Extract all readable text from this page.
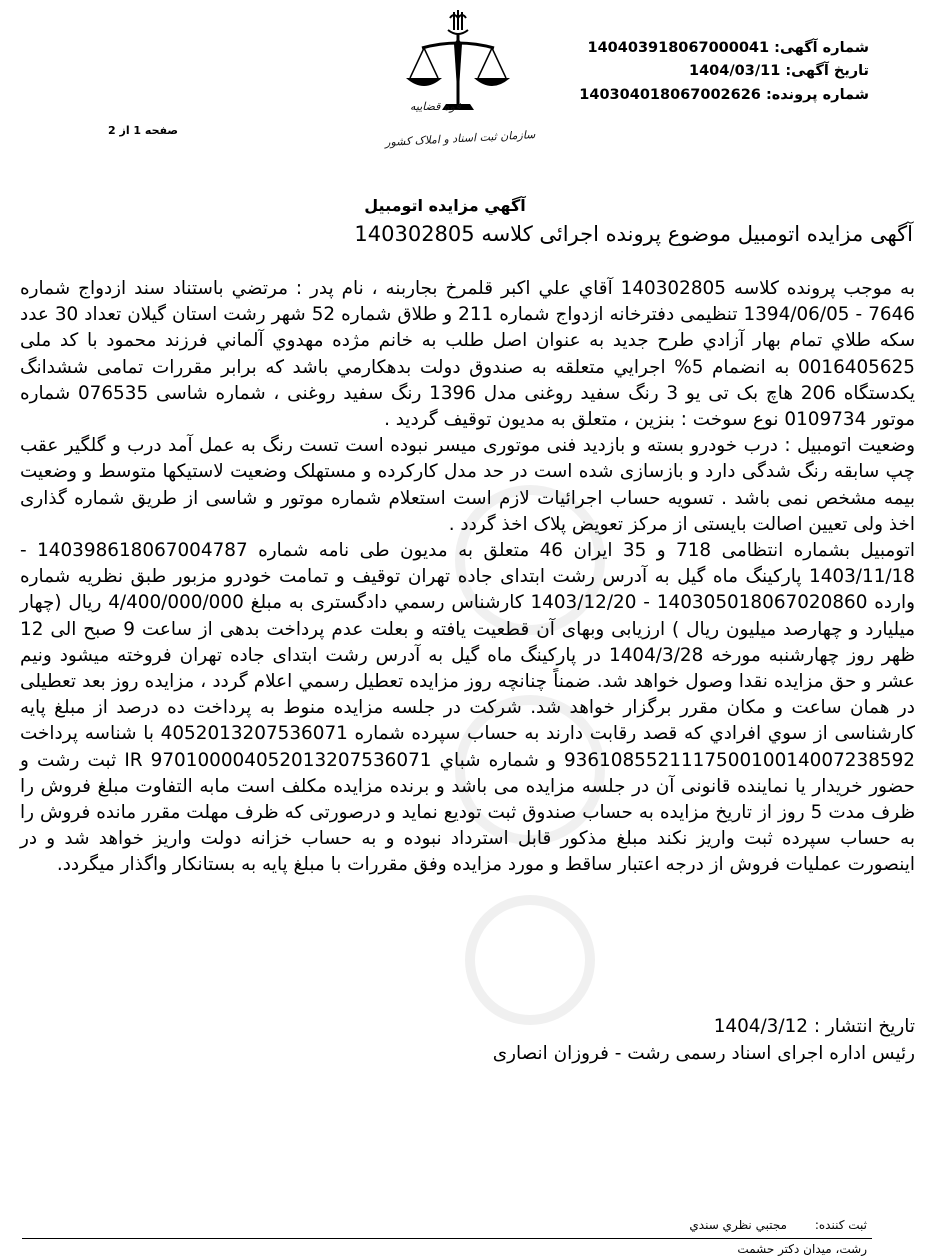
شماره آگهی: 140403918067000041
تاریخ آگهی: 1404/03/11
شماره پرونده: 140304018067002626
قوه قضاییه
سازمان ثبت اسناد و املاک کشور
صفحه 1 از 2
آگهي مزايده اتومبيل
آگهی مزایده اتومبیل موضوع پرونده اجرائی کلاسه 140302805

به موجب پرونده كلاسه 140302805 آقاي علي اكبر قلمرخ بجاربنه ، نام پدر : مرتضي باستناد سند ازدواج شماره 7646 - 1394/06/05 تنظيمی دفترخانه ازدواج شماره 211 و طلاق شماره 52 شهر رشت استان گيلان تعداد 30 عدد سكه طلاي تمام بهار آزادي طرح جديد به عنوان اصل طلب به خانم مژده مهدوي آلماني فرزند محمود با كد ملی 0016405625 به انضمام 5% اجرايي متعلقه به صندوق دولت بدهكارمي باشد كه برابر مقررات تمامی ششدانگ يكدستگاه 206 هاچ بک تی يو 3 رنگ سفيد روغنی مدل 1396 رنگ سفيد روغنی ، شماره شاسی 076535 شماره موتور 0109734 نوع سوخت : بنزين ، متعلق به مديون توقيف گرديد .

وضعيت اتومبيل : درب خودرو بسته و بازديد فنی موتوری ميسر نبوده است تست رنگ به عمل آمد درب و گلگير عقب چپ سابقه رنگ شدگی دارد و بازسازی شده است در حد مدل كاركرده و مستهلک وضعيت لاستيكها متوسط و وضعيت بيمه مشخص نمی باشد . تسويه حساب اجرائيات لازم است استعلام شماره موتور و شاسی از طريق شماره گذاری اخذ ولی تعيين اصالت بايستی از مركز تعويض پلاک اخذ گردد .

اتومبيل بشماره انتظامی 718 و 35 ايران 46 متعلق به مديون طی نامه شماره 140398618067004787 - 1403/11/18 پاركينگ ماه گيل به آدرس رشت ابتدای جاده تهران توقيف و تمامت خودرو مزبور طبق نظريه شماره وارده 140305018067020860 - 1403/12/20 كارشناس رسمي دادگستری به مبلغ 4/400/000/000 ريال (چهار ميليارد و چهارصد ميليون ريال ) ارزيابی وبهای آن قطعيت يافته و بعلت عدم پرداخت بدهی از ساعت 9 صبح الی 12 ظهر روز چهارشنبه مورخه 1404/3/28 در پاركينگ ماه گيل به آدرس رشت ابتدای جاده تهران فروخته ميشود ونيم عشر و حق مزايده نقدا وصول خواهد شد. ضمناً چنانچه روز مزايده تعطيل رسمي اعلام گردد ، مزايده روز بعد تعطيلی در همان ساعت و مكان مقرر برگزار خواهد شد. شركت در جلسه مزايده منوط به پرداخت ده درصد از مبلغ پايه كارشناسی از سوي افرادي كه قصد رقابت دارند به حساب سپرده شماره 4052013207536071 با شناسه پرداخت 936108552111750010014007238592 و شماره شباي IR 970100004052013207536071 ثبت رشت و حضور خريدار يا نماينده قانونی آن در جلسه مزايده می باشد و برنده مزايده مكلف است مابه التفاوت مبلغ فروش را ظرف مدت 5 روز از تاريخ مزايده به حساب صندوق ثبت توديع نمايد و درصورتی كه ظرف مهلت مقرر مانده فروش را به حساب سپرده ثبت واريز نكند مبلغ مذكور قابل استرداد نبوده و به حساب خزانه دولت واريز خواهد شد و در اينصورت عمليات فروش از درجه اعتبار ساقط و مورد مزايده وفق مقررات با مبلغ پايه به بستانكار واگذار ميگردد.

تاريخ انتشار : 1404/3/12
رئيس اداره اجرای اسناد رسمی رشت - فروزان انصاری
ثبت کننده:
مجتبي نظري سندي
رشت، ميدان دكتر حشمت
